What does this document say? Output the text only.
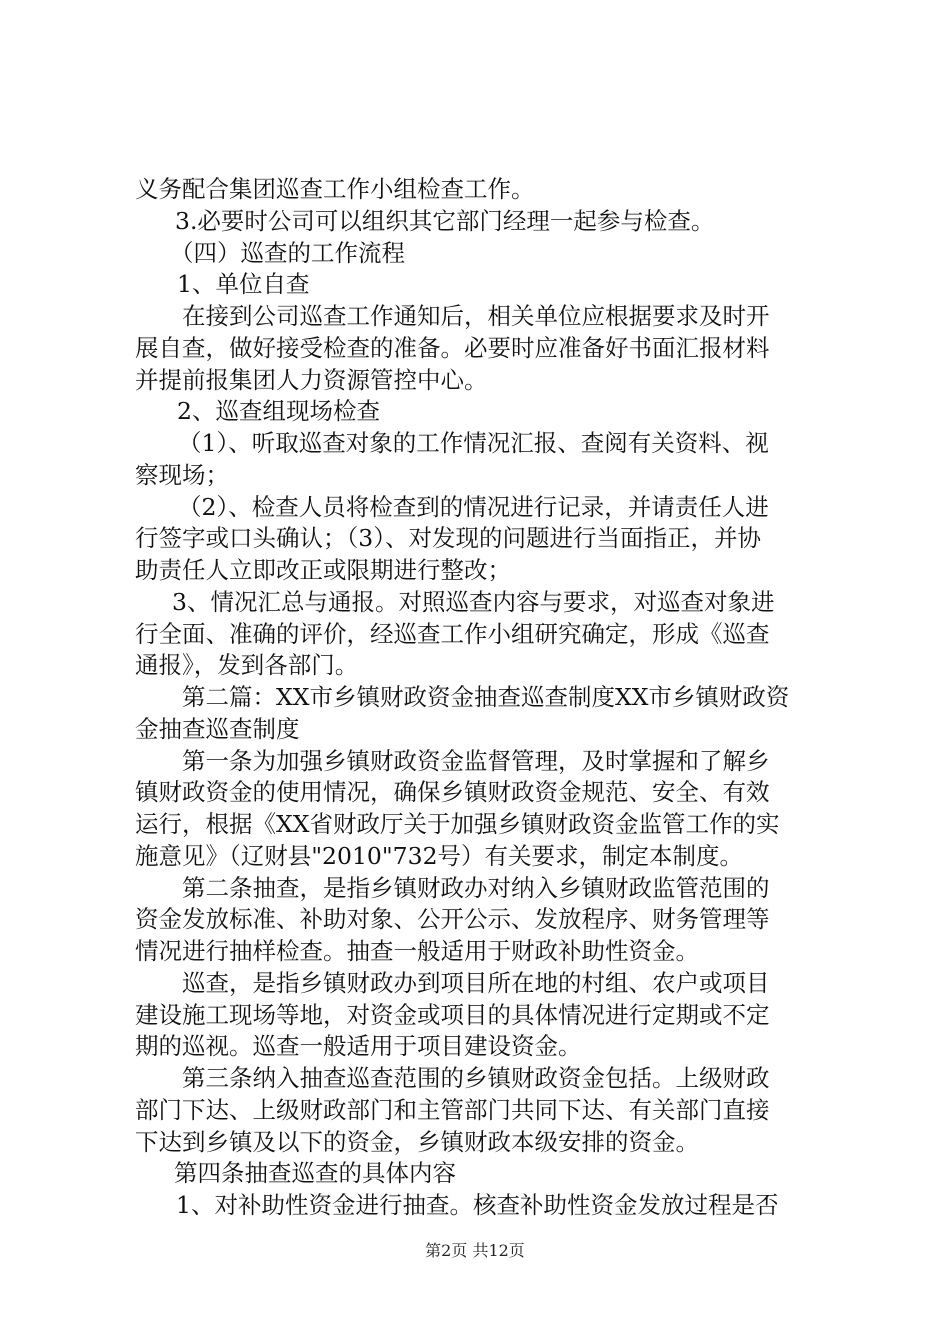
义务配合集团巡查工作小组检查工作。
3.必要时公司可以组织其它部门经理一起参与检查。
（四）巡查的工作流程
1、单位自查
在接到公司巡查工作通知后，相关单位应根据要求及时开
展自查，做好接受检查的准备。必要时应准备好书面汇报材料
并提前报集团人力资源管控中心。
2、巡查组现场检查
（1）、听取巡查对象的工作情况汇报、查阅有关资料、视
察现场；
（2）、检查人员将检查到的情况进行记录，并请责任人进
行签字或口头确认；（3）、对发现的问题进行当面指正，并协
助责任人立即改正或限期进行整改；
3、情况汇总与通报。对照巡查内容与要求，对巡查对象进
行全面、准确的评价，经巡查工作小组研究确定，形成《巡查
通报》，发到各部门。
第二篇：XX市乡镇财政资金抽查巡查制度XX市乡镇财政资
金抽查巡查制度
第一条为加强乡镇财政资金监督管理，及时掌握和了解乡
镇财政资金的使用情况，确保乡镇财政资金规范、安全、有效
运行，根据《XX省财政厅关于加强乡镇财政资金监管工作的实
施意见》（辽财县"2010"732号）有关要求，制定本制度。
第二条抽查，是指乡镇财政办对纳入乡镇财政监管范围的
资金发放标准、补助对象、公开公示、发放程序、财务管理等
情况进行抽样检查。抽查一般适用于财政补助性资金。
巡查，是指乡镇财政办到项目所在地的村组、农户或项目
建设施工现场等地，对资金或项目的具体情况进行定期或不定
期的巡视。巡查一般适用于项目建设资金。
第三条纳入抽查巡查范围的乡镇财政资金包括。上级财政
部门下达、上级财政部门和主管部门共同下达、有关部门直接
下达到乡镇及以下的资金，乡镇财政本级安排的资金。
第四条抽查巡查的具体内容
1、对补助性资金进行抽查。核查补助性资金发放过程是否
第2页 共12页
